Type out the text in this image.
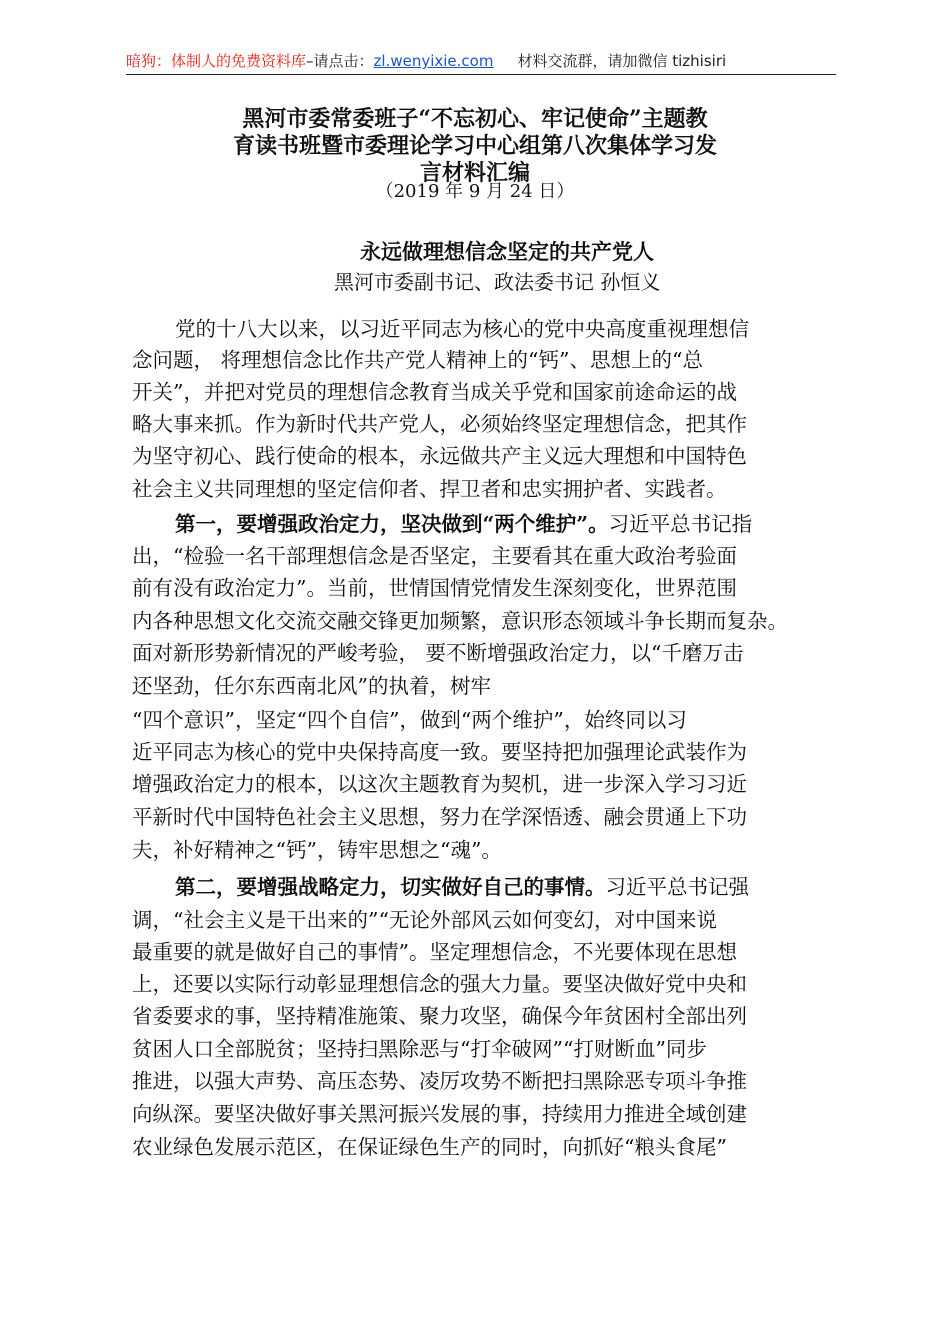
暗狗：体制人的免费资料库–请点击：zl.wenyixie.com 材料交流群，请加微信 tizhisiri
黑河市委常委班子“不忘初心、牢记使命”主题教
育读书班暨市委理论学习中心组第八次集体学习发
言材料汇编
（2019 年 9 月 24 日）
永远做理想信念坚定的共产党人
黑河市委副书记、政法委书记 孙恒义
党的十八大以来，以习近平同志为核心的党中央高度重视理想信
念问题， 将理想信念比作共产党人精神上的“钙”、思想上的“总
开关”，并把对党员的理想信念教育当成关乎党和国家前途命运的战
略大事来抓。作为新时代共产党人，必须始终坚定理想信念，把其作
为坚守初心、践行使命的根本，永远做共产主义远大理想和中国特色
社会主义共同理想的坚定信仰者、捍卫者和忠实拥护者、实践者。
第一，要增强政治定力，坚决做到“两个维护”。习近平总书记指
出，“检验一名干部理想信念是否坚定，主要看其在重大政治考验面
前有没有政治定力”。当前，世情国情党情发生深刻变化，世界范围
内各种思想文化交流交融交锋更加频繁，意识形态领域斗争长期而复杂。
面对新形势新情况的严峻考验， 要不断增强政治定力，以“千磨万击
还坚劲，任尔东西南北风”的执着，树牢
“四个意识”，坚定“四个自信”，做到“两个维护”，始终同以习
近平同志为核心的党中央保持高度一致。要坚持把加强理论武装作为
增强政治定力的根本，以这次主题教育为契机，进一步深入学习习近
平新时代中国特色社会主义思想，努力在学深悟透、融会贯通上下功
夫，补好精神之“钙”，铸牢思想之“魂”。
第二，要增强战略定力，切实做好自己的事情。习近平总书记强
调，“社会主义是干出来的”“无论外部风云如何变幻，对中国来说
最重要的就是做好自己的事情”。坚定理想信念，不光要体现在思想
上，还要以实际行动彰显理想信念的强大力量。要坚决做好党中央和
省委要求的事，坚持精准施策、聚力攻坚，确保今年贫困村全部出列
贫困人口全部脱贫；坚持扫黑除恶与“打伞破网”“打财断血”同步
推进，以强大声势、高压态势、凌厉攻势不断把扫黑除恶专项斗争推
向纵深。要坚决做好事关黑河振兴发展的事，持续用力推进全域创建
农业绿色发展示范区，在保证绿色生产的同时，向抓好“粮头食尾”
